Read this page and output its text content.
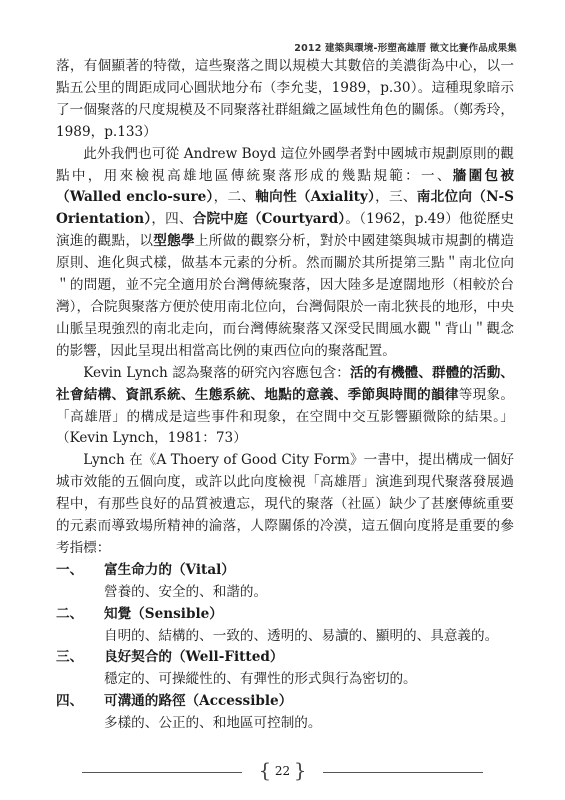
2012 建築與環境-形塑高雄厝 徵文比賽作品成果集

落，有個顯著的特徵，這些聚落之間以規模大其數倍的美濃街為中心，以一點五公里的間距成同心圓狀地分布（李允斐，1989，p.30）。這種現象暗示了一個聚落的尺度規模及不同聚落社群組織之區域性角色的關係。（鄭秀玲，1989，p.133）

此外我們也可從 Andrew Boyd 這位外國學者對中國城市規劃原則的觀點中，用來檢視高雄地區傳統聚落形成的幾點規範：一、牆圍包被（Walled enclo-sure），二、軸向性（Axiality），三、南北位向（N-S Orientation），四、合院中庭（Courtyard）。（1962，p.49）他從歷史演進的觀點，以型態學上所做的觀察分析，對於中國建築與城市規劃的構造原則、進化與式樣，做基本元素的分析。然而關於其所提第三點＂南北位向＂的問題，並不完全適用於台灣傳統聚落，因大陸多是遼闊地形（相較於台灣），合院與聚落方便於使用南北位向，台灣侷限於一南北狹長的地形，中央山脈呈現強烈的南北走向，而台灣傳統聚落又深受民間風水觀＂背山＂觀念的影響，因此呈現出相當高比例的東西位向的聚落配置。

Kevin Lynch 認為聚落的研究內容應包含：活的有機體、群體的活動、社會結構、資訊系統、生態系統、地點的意義、季節與時間的韻律等現象。「高雄厝」的構成是這些事件和現象，在空間中交互影響顯微除的結果。」（Kevin Lynch，1981：73）

Lynch 在《A Thoery of Good City Form》一書中，提出構成一個好城市效能的五個向度，或許以此向度檢視「高雄厝」演進到現代聚落發展過程中，有那些良好的品質被遺忘，現代的聚落（社區）缺少了甚麼傳統重要的元素而導致場所精神的淪落，人際關係的冷漠，這五個向度將是重要的參考指標：

一、	富生命力的（Vital）
營養的、安全的、和諧的。
二、	知覺（Sensible）
自明的、結構的、一致的、透明的、易讀的、顯明的、具意義的。
三、	良好契合的（Well-Fitted）
穩定的、可操縱性的、有彈性的形式與行為密切的。
四、	可溝通的路徑（Accessible）
多樣的、公正的、和地區可控制的。
{ 22 }
